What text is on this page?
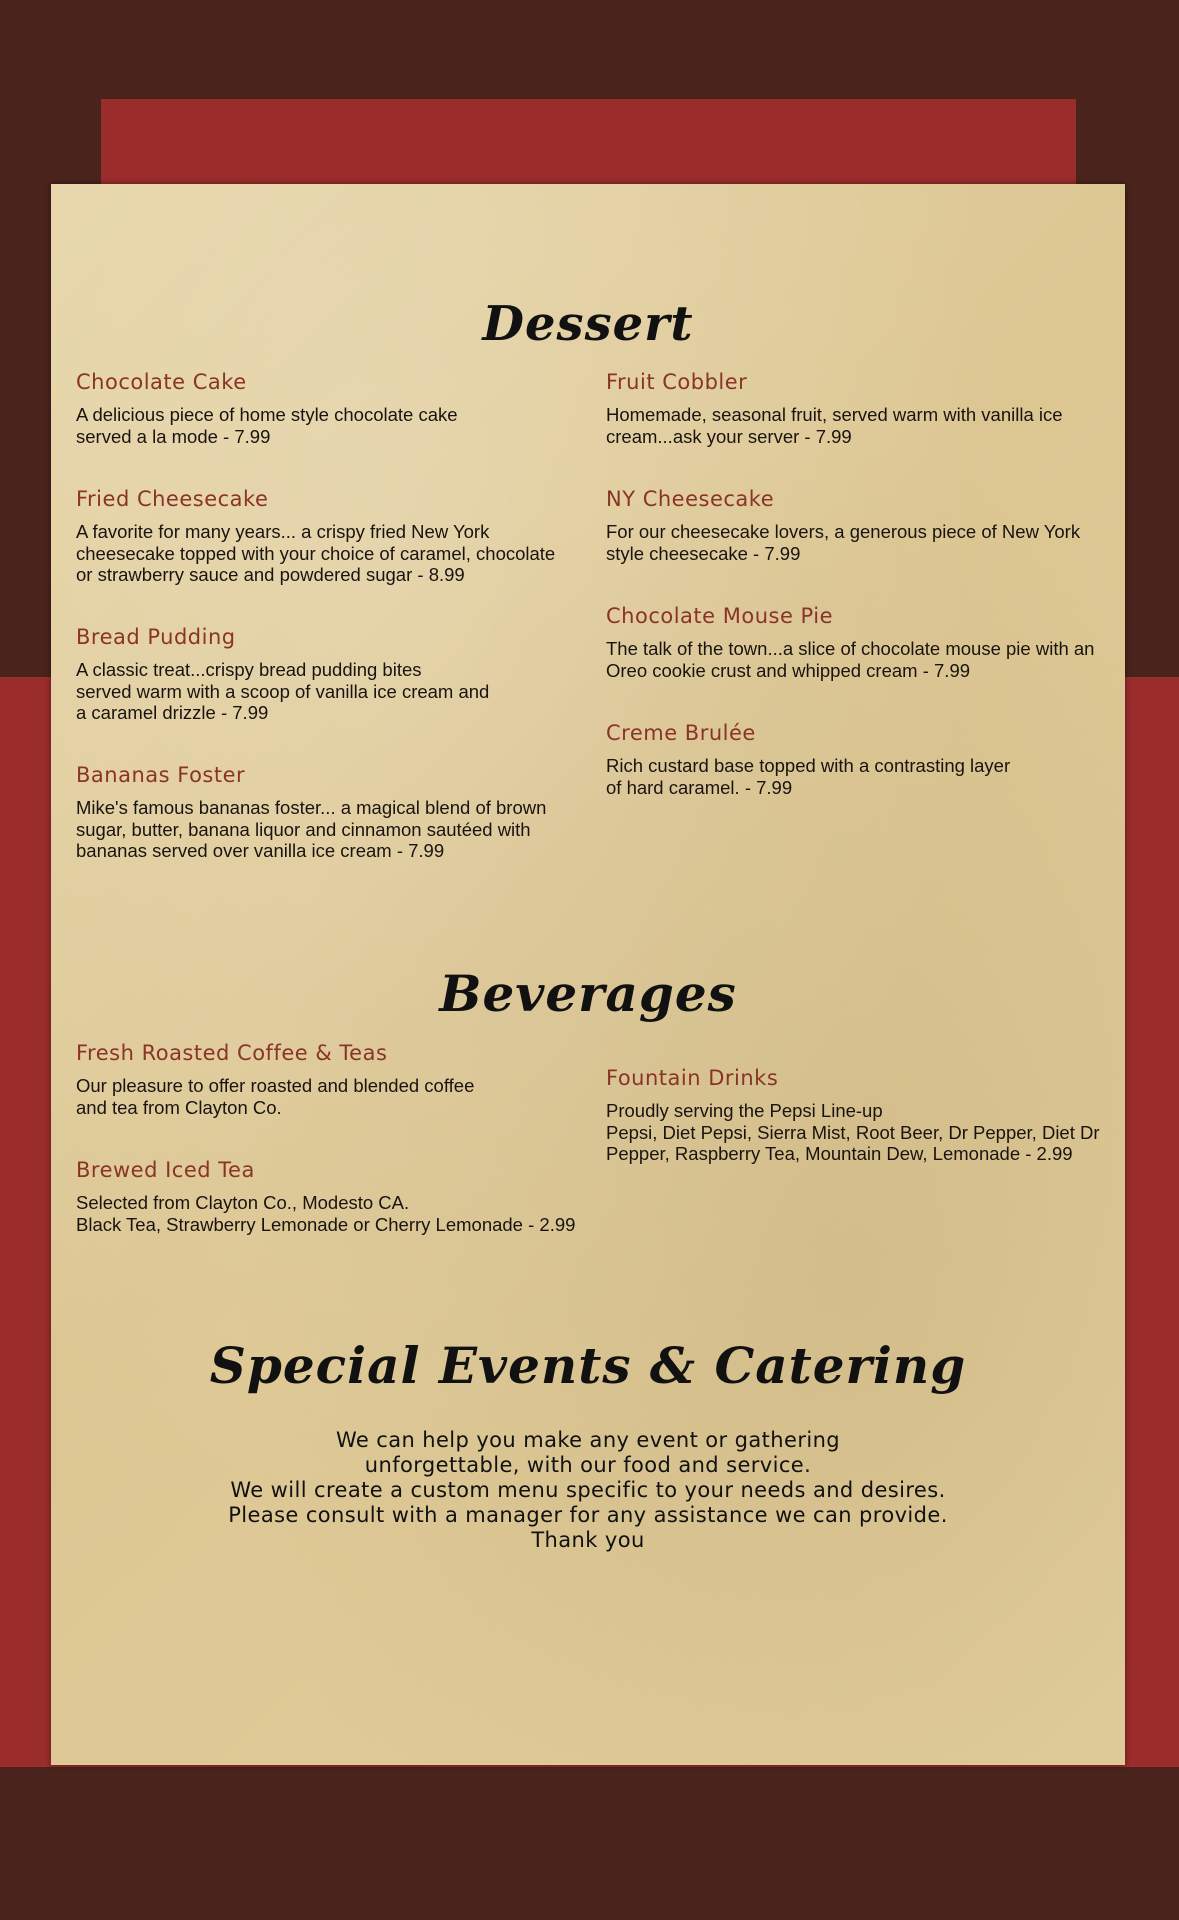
Dessert
Chocolate Cake
A delicious piece of home style chocolate cake
served a la mode - 7.99
Fried Cheesecake
A favorite for many years... a crispy fried New York
cheesecake topped with your choice of caramel, chocolate
or strawberry sauce and powdered sugar - 8.99
Bread Pudding
A classic treat...crispy bread pudding bites
served warm with a scoop of vanilla ice cream and
a caramel drizzle - 7.99
Bananas Foster
Mike's famous bananas foster... a magical blend of brown
sugar, butter, banana liquor and cinnamon sautéed with
bananas served over vanilla ice cream - 7.99
Fruit Cobbler
Homemade, seasonal fruit, served warm with vanilla ice
cream...ask your server - 7.99
NY Cheesecake
For our cheesecake lovers, a generous piece of New York
style cheesecake - 7.99
Chocolate Mouse Pie
The talk of the town...a slice of chocolate mouse pie with an
Oreo cookie crust and whipped cream - 7.99
Creme Brulée
Rich custard base topped with a contrasting layer
of hard caramel. - 7.99
Beverages
Fresh Roasted Coffee & Teas
Our pleasure to offer roasted and blended coffee
and tea from Clayton Co.
Brewed Iced Tea
Selected from Clayton Co., Modesto CA.
Black Tea, Strawberry Lemonade or Cherry Lemonade - 2.99
Fountain Drinks
Proudly serving the Pepsi Line-up
Pepsi, Diet Pepsi, Sierra Mist, Root Beer, Dr Pepper, Diet Dr
Pepper, Raspberry Tea, Mountain Dew, Lemonade - 2.99
Special Events & Catering
We can help you make any event or gathering
unforgettable, with our food and service.
We will create a custom menu specific to your needs and desires.
Please consult with a manager for any assistance we can provide.
Thank you
